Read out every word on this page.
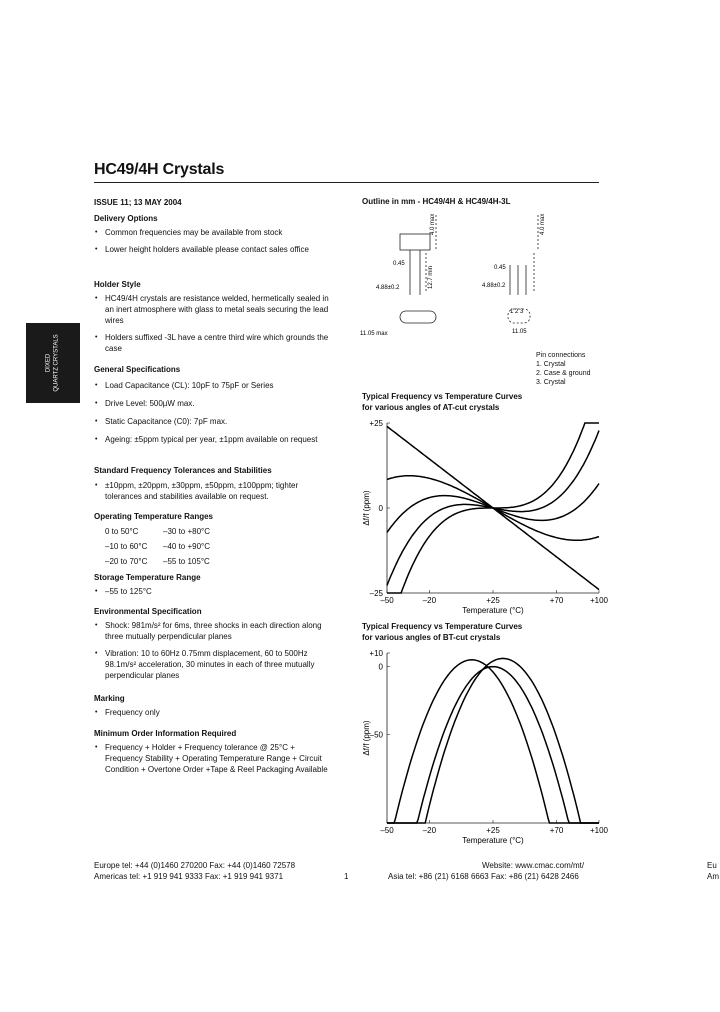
HC49/4H Crystals
DIXED QUARTZ CRYSTALS
ISSUE 11; 13 MAY 2004
Delivery Options
• Common frequencies may be available from stock
• Lower height holders available please contact sales office
Holder Style
• HC49/4H crystals are resistance welded, hermetically sealed in an inert atmosphere with glass to metal seals securing the lead wires
• Holders suffixed -3L have a centre third wire which grounds the case
General Specifications
• Load Capacitance (CL): 10pF to 75pF or Series
• Drive Level: 500µW max.
• Static Capacitance (C0): 7pF max.
• Ageing: ±5ppm typical per year, ±1ppm available on request
Standard Frequency Tolerances and Stabilities
• ±10ppm, ±20ppm, ±30ppm, ±50ppm, ±100ppm; tighter tolerances and stabilities available on request.
Operating Temperature Ranges
0 to 50°C	–30 to +80°C
–10 to 60°C	–40 to +90°C
–20 to 70°C	–55 to 105°C
Storage Temperature Range
• –55 to 125°C
Environmental Specification
• Shock: 981m/s² for 6ms, three shocks in each direction along three mutually perpendicular planes
• Vibration: 10 to 60Hz 0.75mm displacement, 60 to 500Hz 98.1m/s² acceleration, 30 minutes in each of three mutually perpendicular planes
Marking
• Frequency only
Minimum Order Information Required
• Frequency + Holder + Frequency tolerance @ 25°C + Frequency Stability + Operating Temperature Range + Circuit Condition + Overtone Order +Tape & Reel Packaging Available
Outline in mm - HC49/4H & HC49/4H-3L
4.0 max
0.45
12.7 min
4.88±0.2
11.05 max
0.45
4.88±0.2
1 2 3
11.05
4.0 max
Pin connections
1. Crystal
2. Case & ground
3. Crystal
Typical Frequency vs Temperature Curves
for various angles of AT-cut crystals
–50	–20	+25	+70	+100
+25
0
–25
Temperature (°C)
Δf/f (ppm)
Typical Frequency vs Temperature Curves
for various angles of BT-cut crystals
–50	–20	+25	+70	+100
+10
0
–50
Temperature (°C)
Δf/f (ppm)
Europe tel: +44 (0)1460 270200 Fax: +44 (0)1460 72578
Americas tel: +1 919 941 9333 Fax: +1 919 941 9371	1
Website: www.cmac.com/mt/
Asia tel: +86 (21) 6168 6663 Fax: +86 (21) 6428 2466
Eu
Am
